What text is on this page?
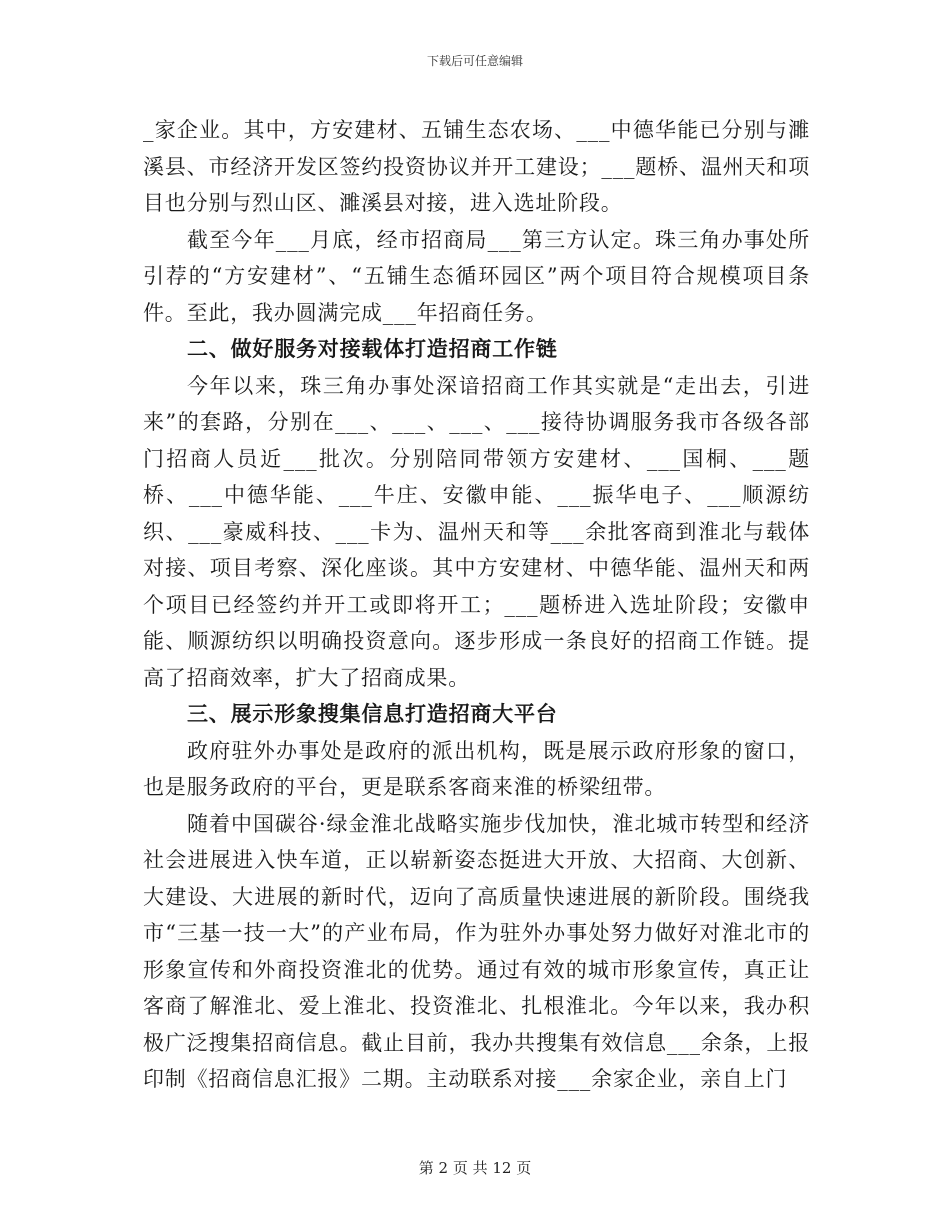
下载后可任意编辑

_家企业。其中，方安建材、五铺生态农场、___中德华能已分别与濉溪县、市经济开发区签约投资协议并开工建设；___题桥、温州天和项目也分别与烈山区、濉溪县对接，进入选址阶段。

截至今年___月底，经市招商局___第三方认定。珠三角办事处所引荐的“方安建材”、“五铺生态循环园区”两个项目符合规模项目条件。至此，我办圆满完成___年招商任务。

二、做好服务对接载体打造招商工作链

今年以来，珠三角办事处深谙招商工作其实就是“走出去，引进来”的套路，分别在___、___、___、___接待协调服务我市各级各部门招商人员近___批次。分别陪同带领方安建材、___国桐、___题桥、___中德华能、___牛庄、安徽申能、___振华电子、___顺源纺织、___豪威科技、___卡为、温州天和等___余批客商到淮北与载体对接、项目考察、深化座谈。其中方安建材、中德华能、温州天和两个项目已经签约并开工或即将开工；___题桥进入选址阶段；安徽申能、顺源纺织以明确投资意向。逐步形成一条良好的招商工作链。提高了招商效率，扩大了招商成果。

三、展示形象搜集信息打造招商大平台

政府驻外办事处是政府的派出机构，既是展示政府形象的窗口，也是服务政府的平台，更是联系客商来淮的桥梁纽带。

随着中国碳谷·绿金淮北战略实施步伐加快，淮北城市转型和经济社会进展进入快车道，正以崭新姿态挺进大开放、大招商、大创新、大建设、大进展的新时代，迈向了高质量快速进展的新阶段。围绕我市“三基一技一大”的产业布局，作为驻外办事处努力做好对淮北市的形象宣传和外商投资淮北的优势。通过有效的城市形象宣传，真正让客商了解淮北、爱上淮北、投资淮北、扎根淮北。今年以来，我办积极广泛搜集招商信息。截止目前，我办共搜集有效信息___余条，上报印制《招商信息汇报》二期。主动联系对接___余家企业，亲自上门

第 2 页 共 12 页
